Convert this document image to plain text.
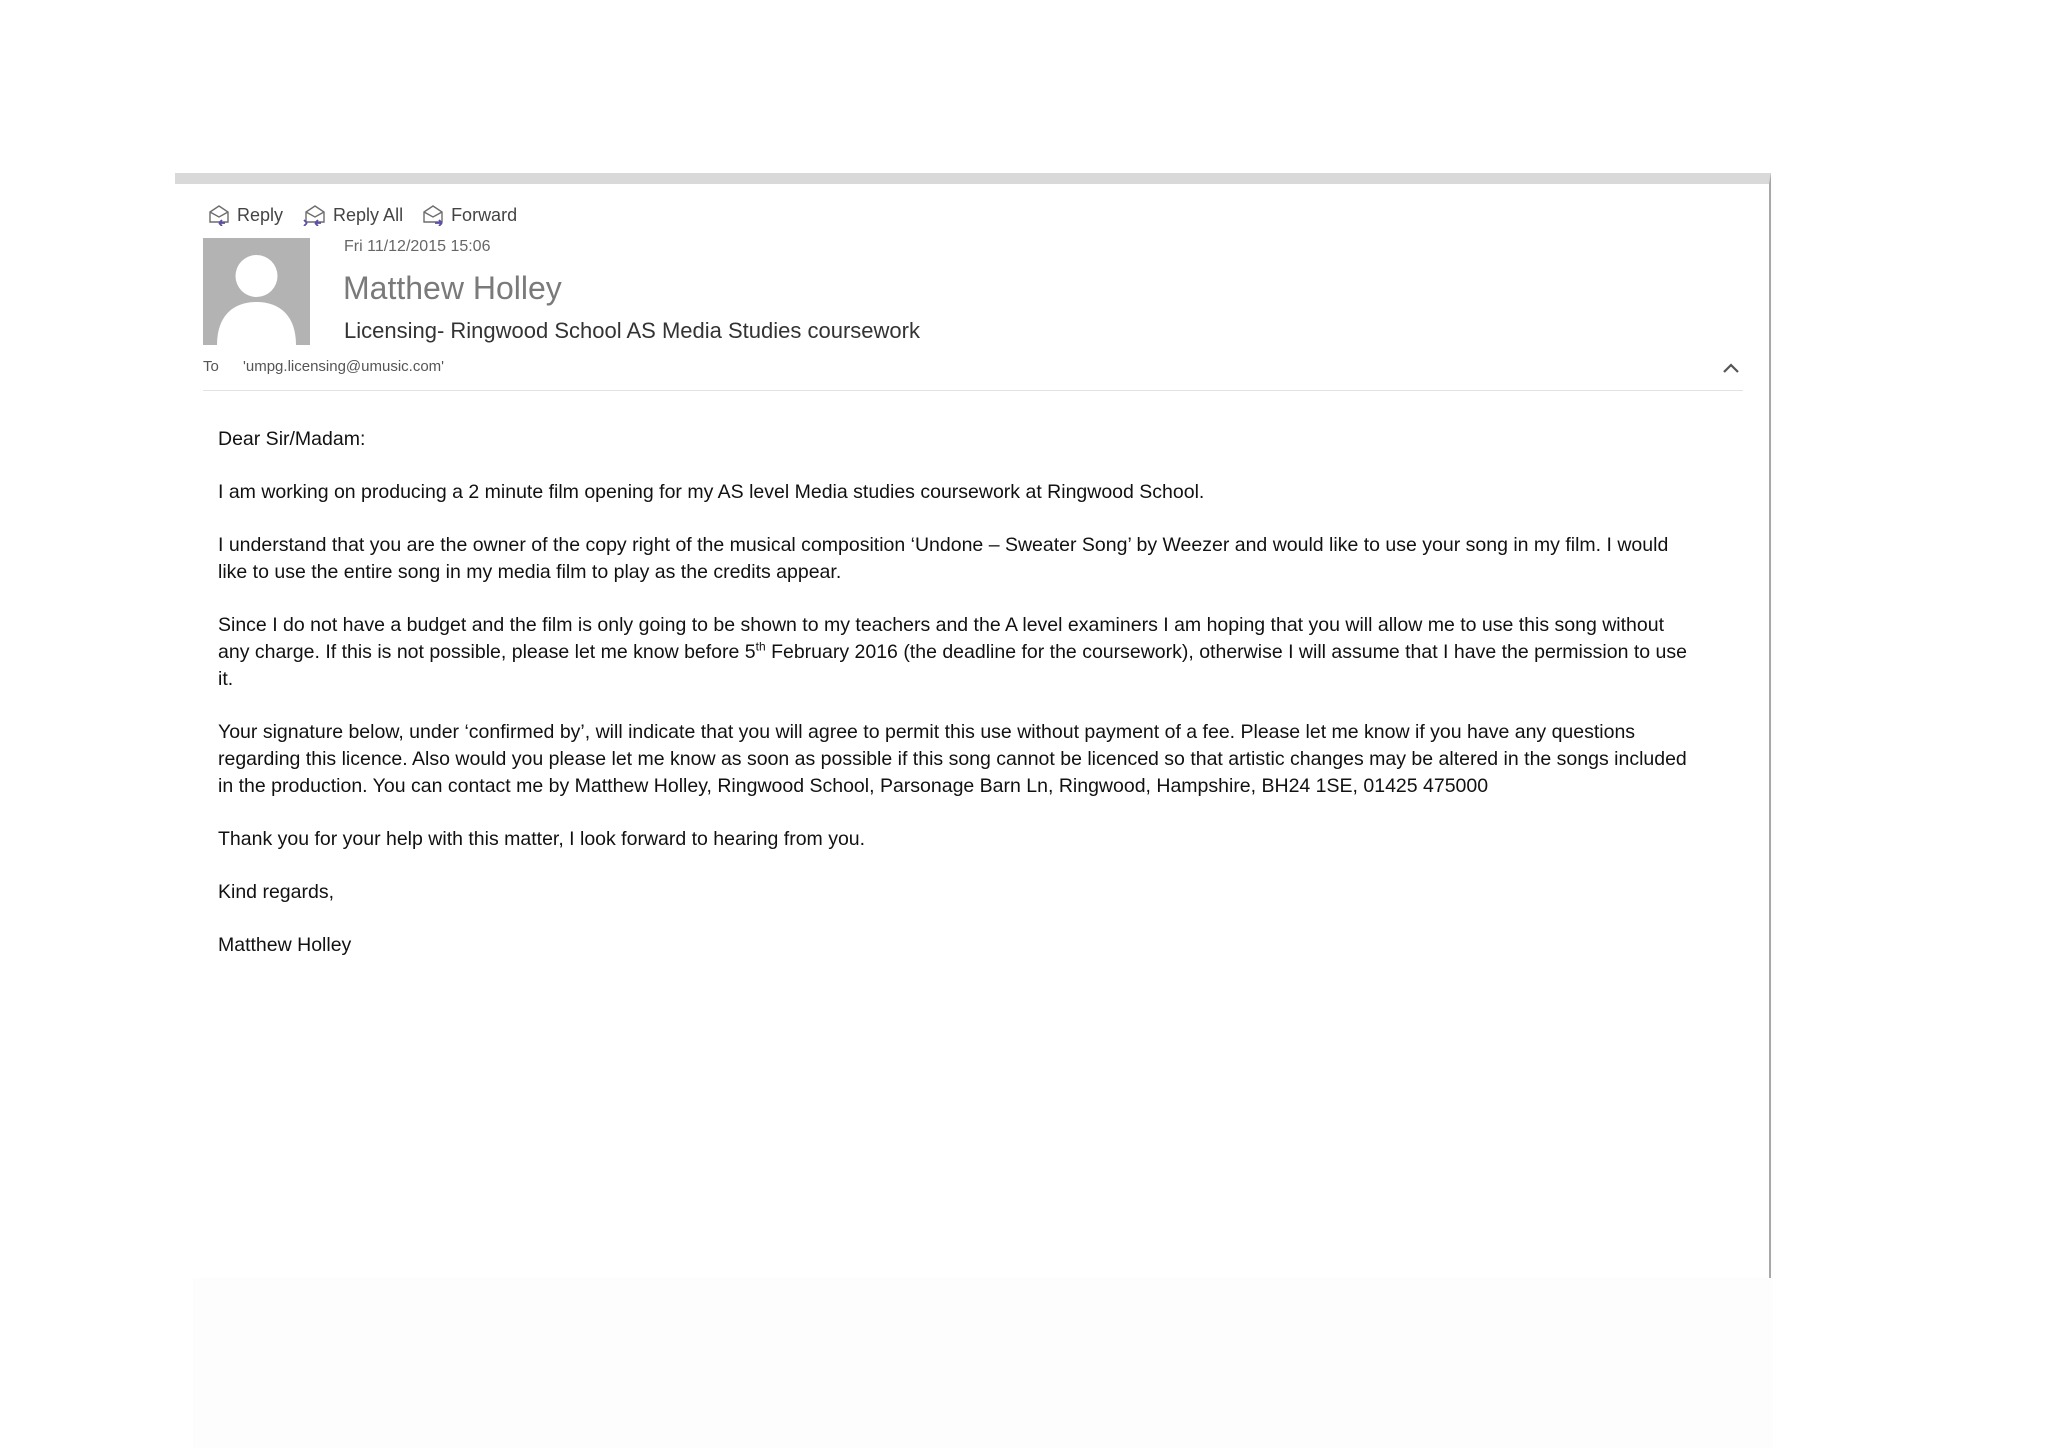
Reply	Reply All	Forward
Fri 11/12/2015 15:06
Matthew Holley
Licensing- Ringwood School AS Media Studies coursework
To 'umpg.licensing@umusic.com'

Dear Sir/Madam:

I am working on producing a 2 minute film opening for my AS level Media studies coursework at Ringwood School.

I understand that you are the owner of the copy right of the musical composition ‘Undone – Sweater Song’ by Weezer and would like to use your song in my film. I would like to use the entire song in my media film to play as the credits appear.

Since I do not have a budget and the film is only going to be shown to my teachers and the A level examiners I am hoping that you will allow me to use this song without any charge. If this is not possible, please let me know before 5th February 2016 (the deadline for the coursework), otherwise I will assume that I have the permission to use it.

Your signature below, under ‘confirmed by’, will indicate that you will agree to permit this use without payment of a fee. Please let me know if you have any questions regarding this licence. Also would you please let me know as soon as possible if this song cannot be licenced so that artistic changes may be altered in the songs included in the production. You can contact me by Matthew Holley, Ringwood School, Parsonage Barn Ln, Ringwood, Hampshire, BH24 1SE, 01425 475000

Thank you for your help with this matter, I look forward to hearing from you.

Kind regards,

Matthew Holley
